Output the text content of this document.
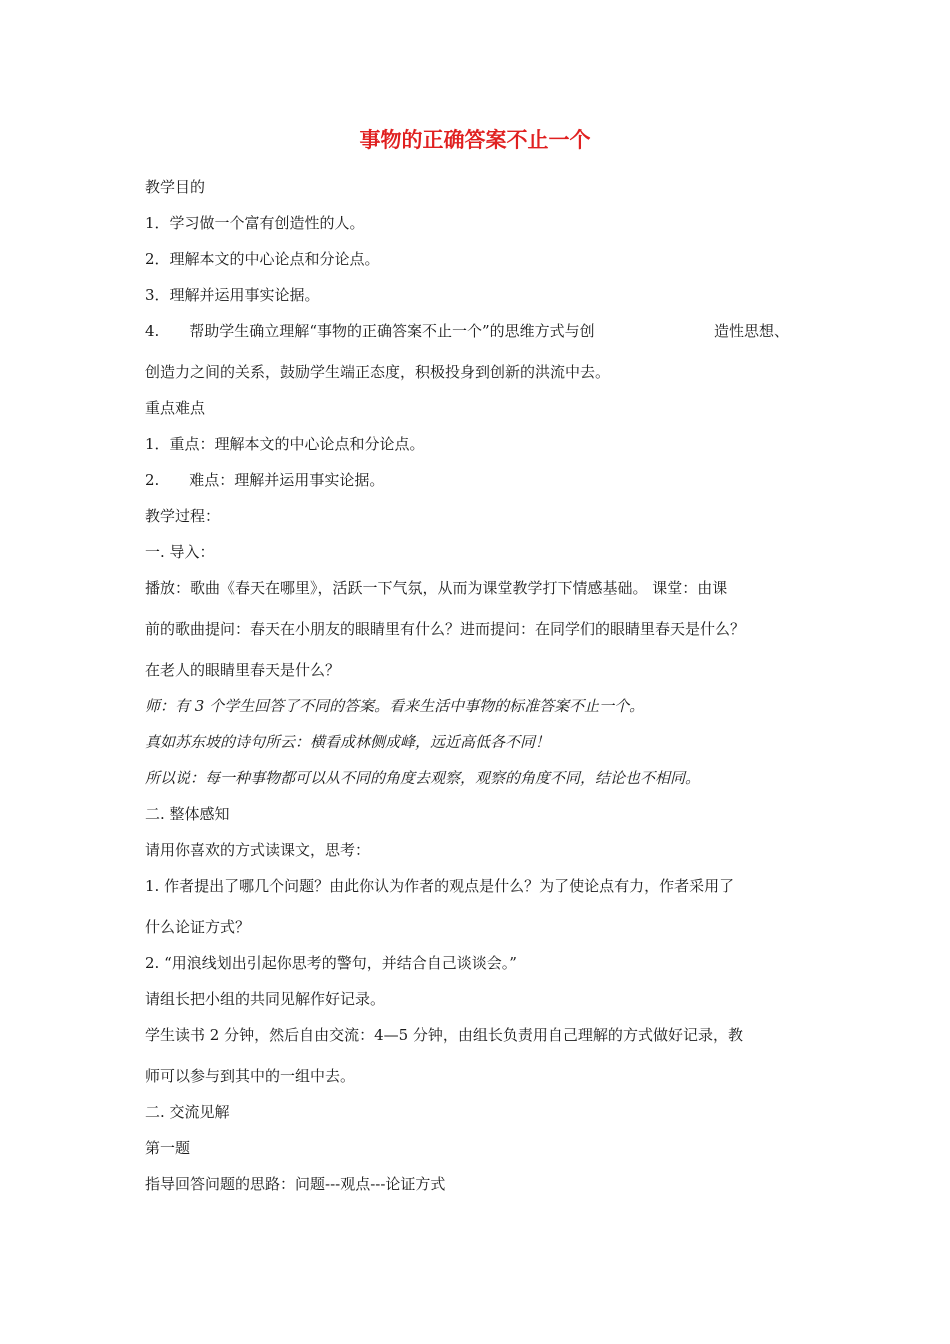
事物的正确答案不止一个
教学目的
1．学习做一个富有创造性的人。
2．理解本文的中心论点和分论点。
3．理解并运用事实论据。
4.　　帮助学生确立理解“事物的正确答案不止一个”的思维方式与创	造性思想、
创造力之间的关系，鼓励学生端正态度，积极投身到创新的洪流中去。
重点难点
1．重点：理解本文的中心论点和分论点。
2.　　难点：理解并运用事实论据。
教学过程：
一. 导入：
播放：歌曲《春天在哪里》，活跃一下气氛，从而为课堂教学打下情感基础。 课堂：由课
前的歌曲提问：春天在小朋友的眼睛里有什么？进而提问：在同学们的眼睛里春天是什么？
在老人的眼睛里春天是什么？
师：有 3 个学生回答了不同的答案。看来生活中事物的标准答案不止一个。
真如苏东坡的诗句所云：横看成林侧成峰，远近高低各不同！
所以说：每一种事物都可以从不同的角度去观察，观察的角度不同，结论也不相同。
二. 整体感知
请用你喜欢的方式读课文，思考：
1. 作者提出了哪几个问题？由此你认为作者的观点是什么？为了使论点有力，作者采用了
什么论证方式？
2. “用浪线划出引起你思考的警句，并结合自己谈谈会。”
请组长把小组的共同见解作好记录。
学生读书 2 分钟，然后自由交流：4—5 分钟，由组长负责用自己理解的方式做好记录，教
师可以参与到其中的一组中去。
二. 交流见解
第一题
指导回答问题的思路：问题---观点---论证方式
